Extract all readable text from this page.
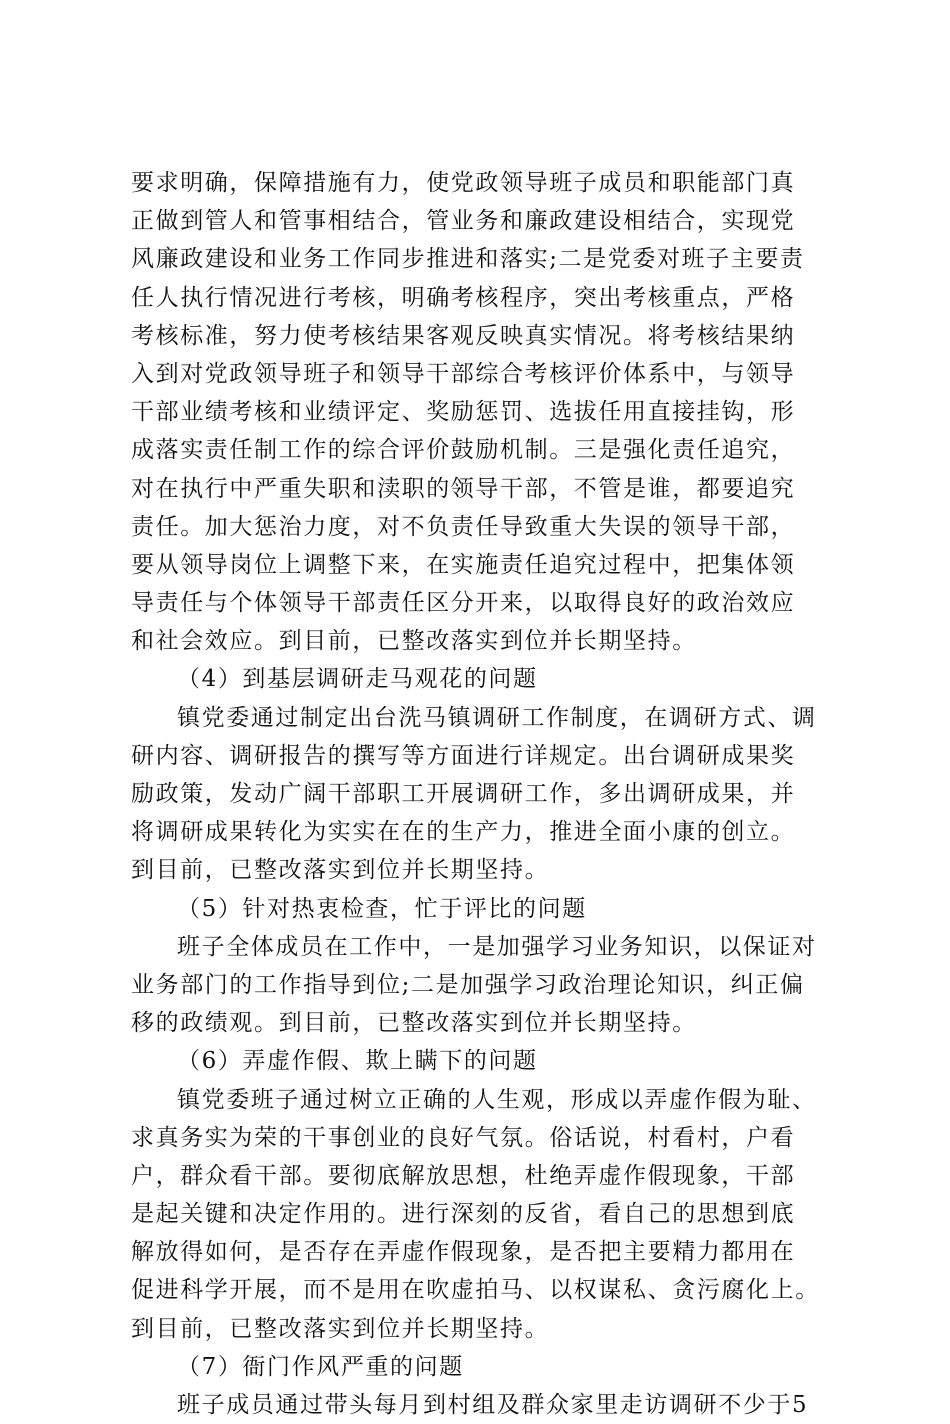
要求明确，保障措施有力，使党政领导班子成员和职能部门真
正做到管人和管事相结合，管业务和廉政建设相结合，实现党
风廉政建设和业务工作同步推进和落实;二是党委对班子主要责
任人执行情况进行考核，明确考核程序，突出考核重点，严格
考核标准，努力使考核结果客观反映真实情况。将考核结果纳
入到对党政领导班子和领导干部综合考核评价体系中，与领导
干部业绩考核和业绩评定、奖励惩罚、选拔任用直接挂钩，形
成落实责任制工作的综合评价鼓励机制。三是强化责任追究，
对在执行中严重失职和渎职的领导干部，不管是谁，都要追究
责任。加大惩治力度，对不负责任导致重大失误的领导干部，
要从领导岗位上调整下来，在实施责任追究过程中，把集体领
导责任与个体领导干部责任区分开来，以取得良好的政治效应
和社会效应。到目前，已整改落实到位并长期坚持。
（4）到基层调研走马观花的问题
镇党委通过制定出台洗马镇调研工作制度，在调研方式、调
研内容、调研报告的撰写等方面进行详规定。出台调研成果奖
励政策，发动广阔干部职工开展调研工作，多出调研成果，并
将调研成果转化为实实在在的生产力，推进全面小康的创立。
到目前，已整改落实到位并长期坚持。
（5）针对热衷检查，忙于评比的问题
班子全体成员在工作中，一是加强学习业务知识，以保证对
业务部门的工作指导到位;二是加强学习政治理论知识，纠正偏
移的政绩观。到目前，已整改落实到位并长期坚持。
（6）弄虚作假、欺上瞒下的问题
镇党委班子通过树立正确的人生观，形成以弄虚作假为耻、
求真务实为荣的干事创业的良好气氛。俗话说，村看村，户看
户，群众看干部。要彻底解放思想，杜绝弄虚作假现象，干部
是起关键和决定作用的。进行深刻的反省，看自己的思想到底
解放得如何，是否存在弄虚作假现象，是否把主要精力都用在
促进科学开展，而不是用在吹虚拍马、以权谋私、贪污腐化上。
到目前，已整改落实到位并长期坚持。
（7）衙门作风严重的问题
班子成员通过带头每月到村组及群众家里走访调研不少于5
